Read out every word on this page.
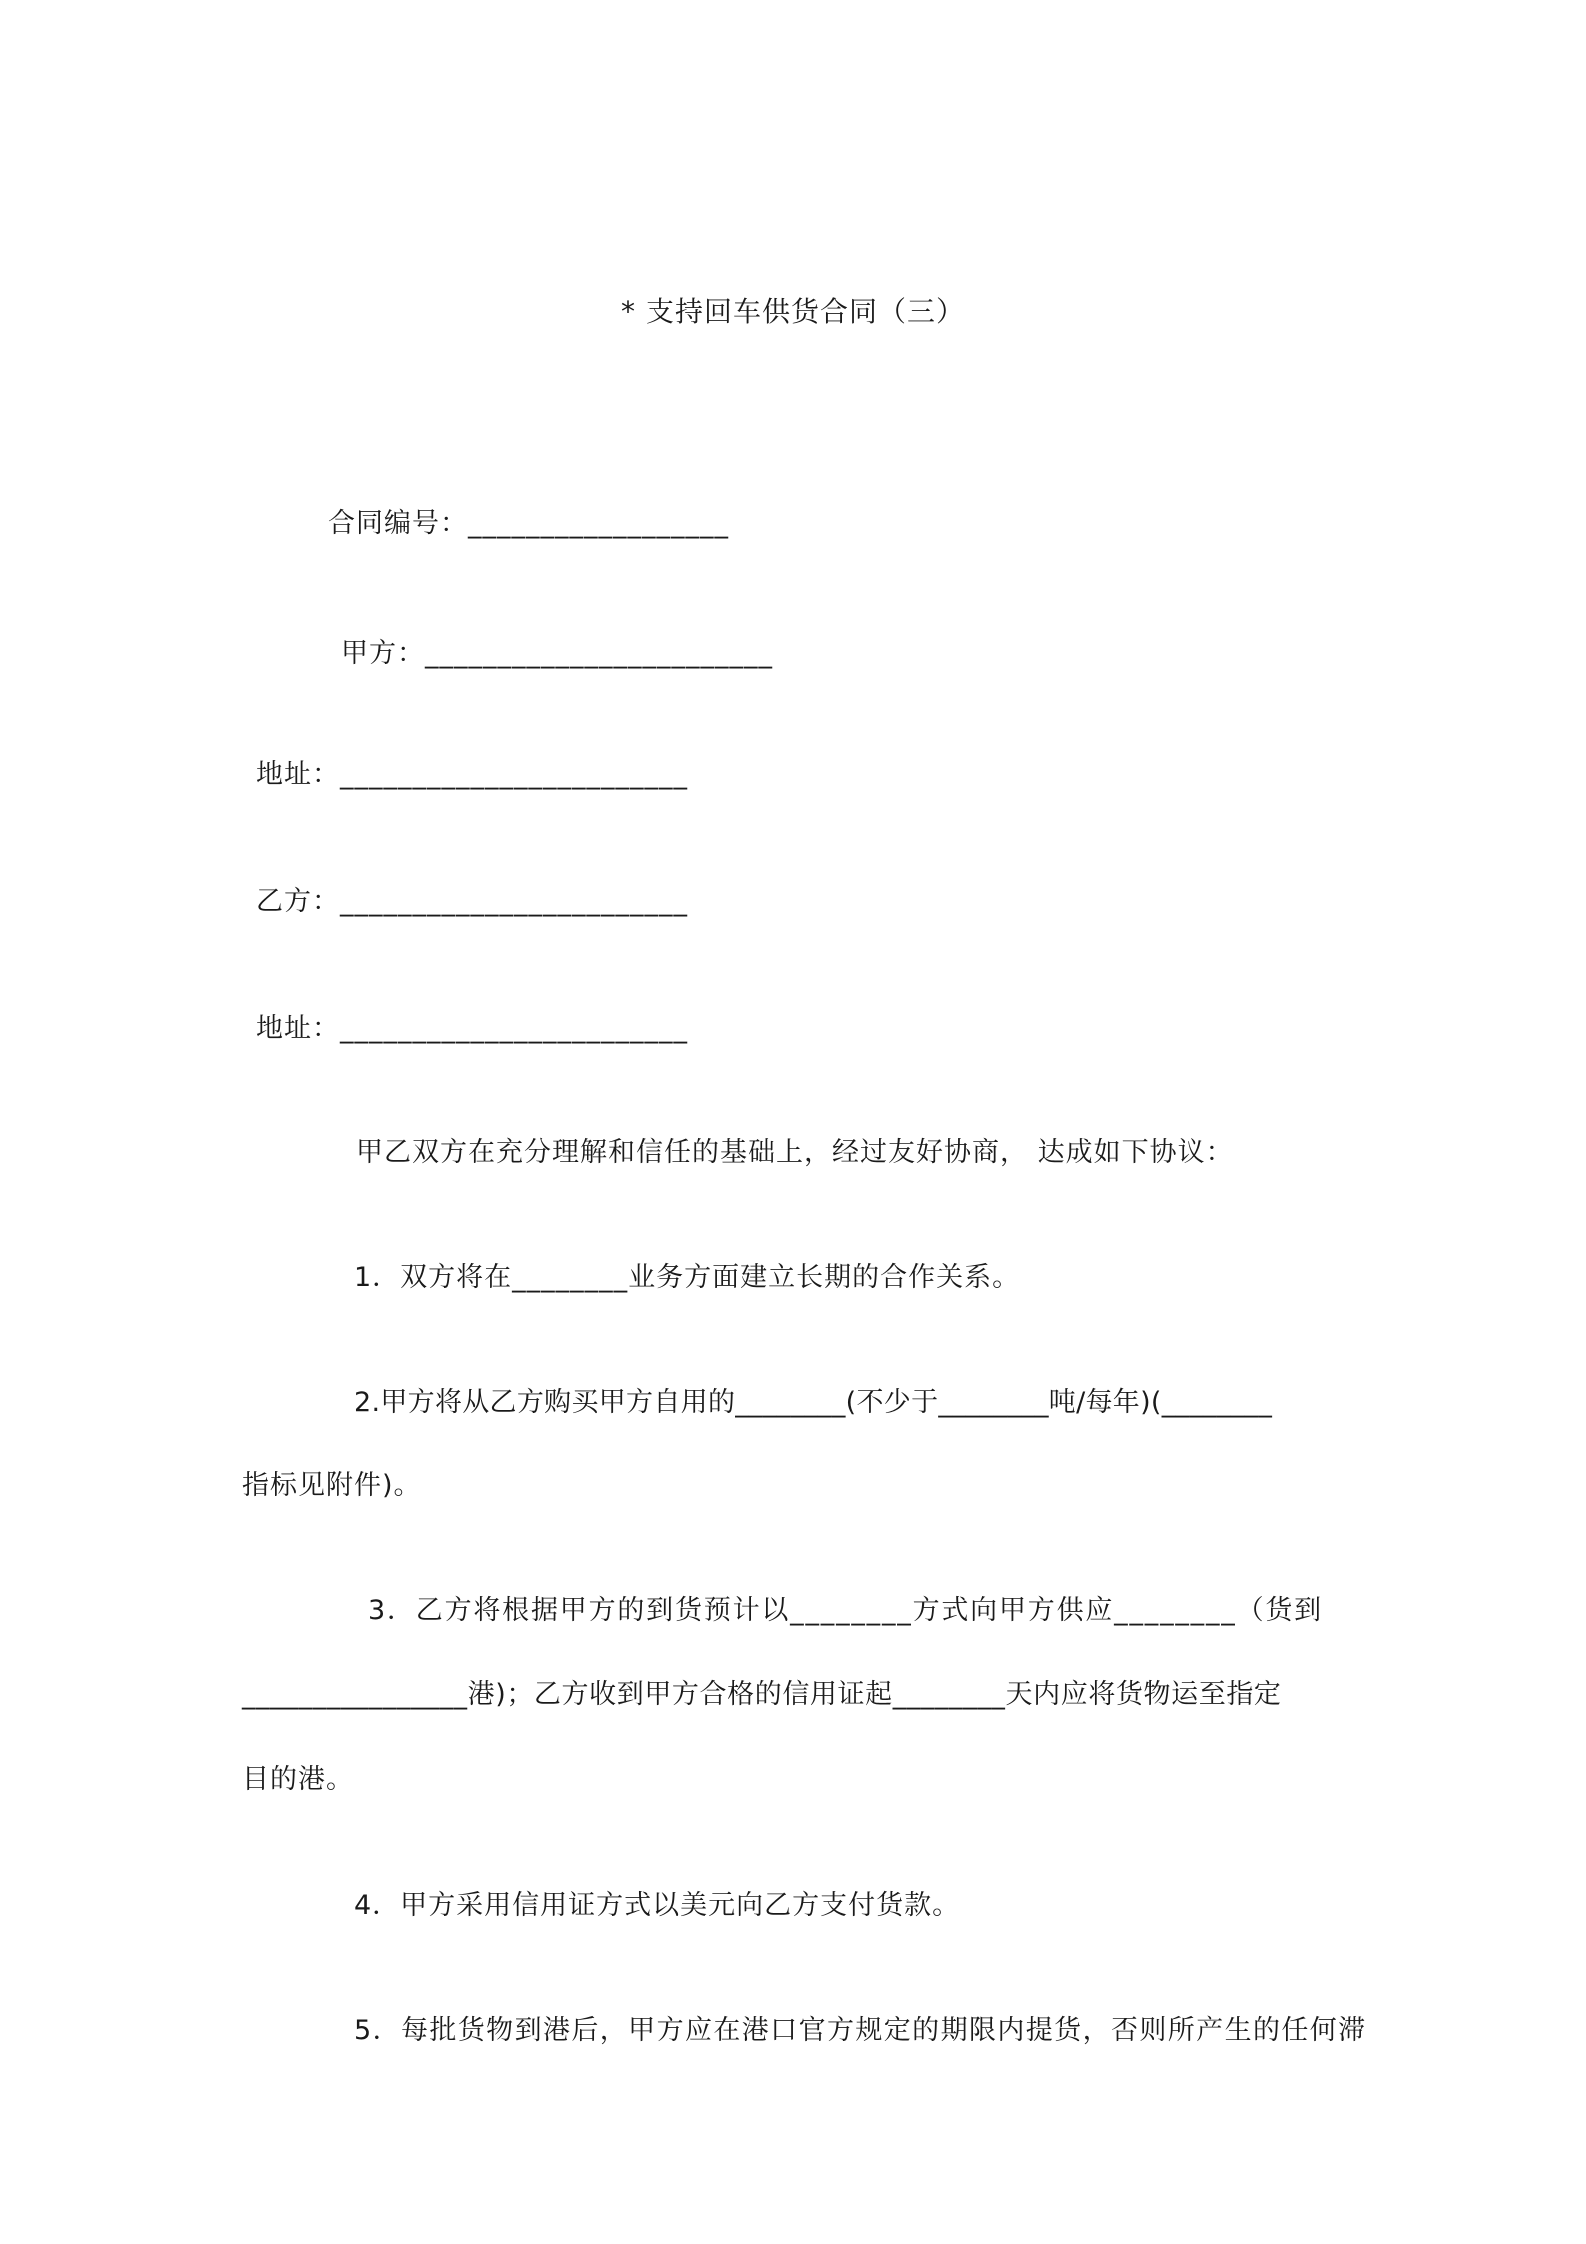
* 支持回车供货合同（三）
合同编号：__________________
甲方：________________________
地址：________________________
乙方：________________________
地址：________________________
甲乙双方在充分理解和信任的基础上，经过友好协商， 达成如下协议：
1．双方将在________业务方面建立长期的合作关系。
2.甲方将从乙方购买甲方自用的________(不少于________吨/每年)(________
指标见附件)。
3．乙方将根据甲方的到货预计以________方式向甲方供应________（货到
________________港)；乙方收到甲方合格的信用证起________天内应将货物运至指定
目的港。
4．甲方采用信用证方式以美元向乙方支付货款。
5．每批货物到港后，甲方应在港口官方规定的期限内提货，否则所产生的任何滞
